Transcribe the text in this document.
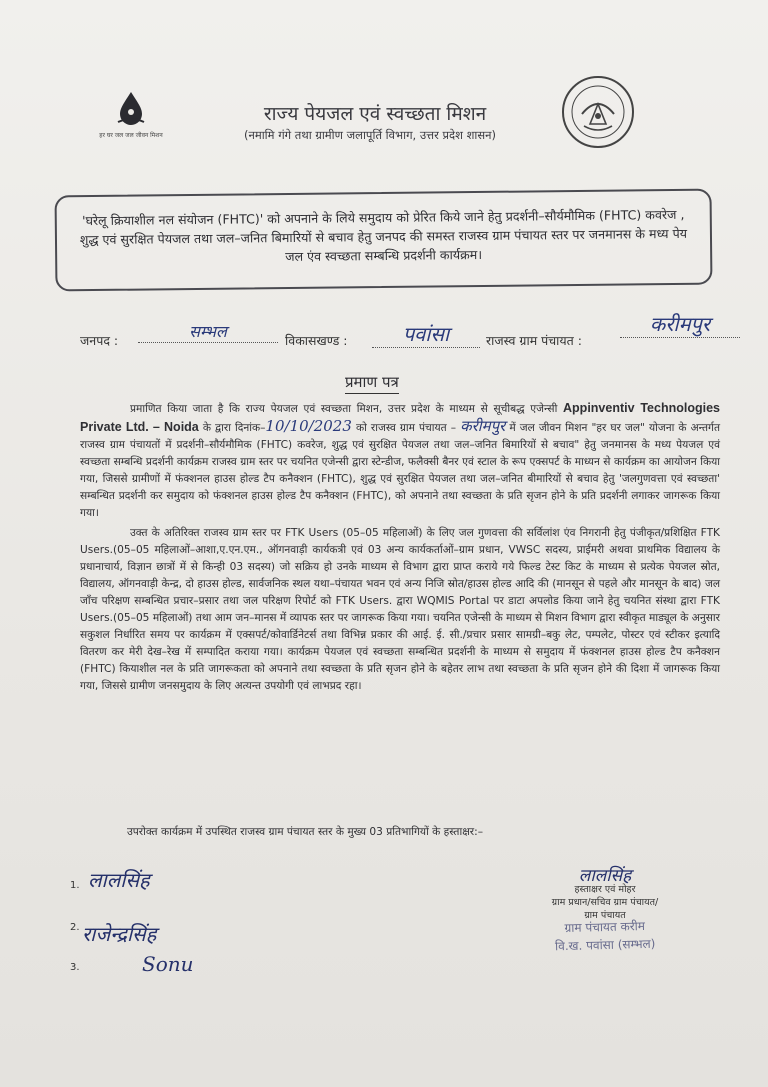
हर घर जल जल जीवन मिशन
राज्य पेयजल एवं स्वच्छता मिशन
(नमामि गंगे तथा ग्रामीण जलापूर्ति विभाग, उत्तर प्रदेश शासन)
'घरेलू क्रियाशील नल संयोजन (FHTC)' को अपनाने के लिये समुदाय को प्रेरित किये जाने हेतु प्रदर्शनी–सौर्यमौमिक (FHTC) कवरेज , शुद्ध एवं सुरक्षित पेयजल तथा जल–जनित बिमारियों से बचाव हेतु जनपद की समस्त राजस्व ग्राम पंचायत स्तर पर जनमानस के मध्य पेय जल एंव स्वच्छता सम्बन्धि प्रदर्शनी कार्यक्रम।
जनपद :	सम्भल	विकासखण्ड :	पवांसा	राजस्व ग्राम पंचायत :
करीमपुर
प्रमाण पत्र

प्रमाणित किया जाता है कि राज्य पेयजल एवं स्वच्छता मिशन, उत्तर प्रदेश के माध्यम से सूचीबद्ध एजेन्सी Appinventiv Technologies Private Ltd. – Noida के द्वारा दिनांक–10/10/2023 को राजस्व ग्राम पंचायत – करीमपुर में जल जीवन मिशन "हर घर जल" योजना के अन्तर्गत राजस्व ग्राम पंचायतों में प्रदर्शनी–सौर्यमौमिक (FHTC) कवरेज, शुद्ध एवं सुरक्षित पेयजल तथा जल–जनित बिमारियों से बचाव" हेतु जनमानस के मध्य पेयजल एवं स्वच्छता सम्बन्धि प्रदर्शनी कार्यक्रम राजस्व ग्राम स्तर पर चयनित एजेन्सी द्वारा स्टेन्डीज, फलैक्सी बैनर एवं स्टाल के रूप एक्सपर्ट के माध्यन से कार्यक्रम का आयोजन किया गया, जिससे ग्रामीणों में फंक्शनल हाउस होल्ड टैप कनैक्शन (FHTC), शुद्ध एवं सुरक्षित पेयजल तथा जल–जनित बीमारियों से बचाव हेतु 'जलगुणवत्ता एवं स्वच्छता' सम्बन्धित प्रदर्शनी कर समुदाय को फंक्शनल हाउस होल्ड टैप कनैक्शन (FHTC), को अपनाने तथा स्वच्छता के प्रति सृजन होने के प्रति प्रदर्शनी लगाकर जागरूक किया गया।

उक्त के अतिरिक्त राजस्व ग्राम स्तर पर FTK Users (05–05 महिलाओं) के लिए जल गुणवत्ता की सर्विलांश एंव निगरानी हेतु पंजीकृत/प्रशिक्षित FTK Users.(05–05 महिलाओं–आशा,ए.एन.एम., ऑगनवाड़ी कार्यकत्री एवं 03 अन्य कार्यकर्ताओं–ग्राम प्रधान, VWSC सदस्य, प्राईमरी अथवा प्राथमिक विद्यालय के प्रधानाचार्य, विज्ञान छात्रों में से किन्ही 03 सदस्य) जो सक्रिय हो उनके माध्यम से विभाग द्वारा प्राप्त कराये गये फिल्ड टेस्ट किट के माध्यम से प्रत्येक पेयजल स्रोत, विद्यालय, ऑगनवाड़ी केन्द्र, दो हाउस होल्ड, सार्वजनिक स्थल यथा–पंचायत भवन एवं अन्य निजि स्रोत/हाउस होल्ड आदि की (मानसून से पहले और मानसून के बाद) जल जाँच परिक्षण सम्बन्धित प्रचार–प्रसार तथा जल परिक्षण रिपोर्ट को FTK Users. द्वारा WQMIS Portal पर डाटा अपलोड किया जाने हेतु चयनित संस्था द्वारा FTK Users.(05–05 महिलाओं) तथा आम जन–मानस में व्यापक स्तर पर जागरूक किया गया। चयनित एजेन्सी के माध्यम से मिशन विभाग द्वारा स्वीकृत माड्यूल के अनुसार सकुशल निर्धारित समय पर कार्यक्रम में एक्सपर्ट/कोवार्डिनेटर्स तथा विभिन्न प्रकार की आई. ई. सी./प्रचार प्रसार सामग्री–बकु लेट, पम्पलेट, पोस्टर एवं स्टीकर इत्यादि वितरण कर मेरी देख–रेख में सम्पादित कराया गया। कार्यक्रम पेयजल एवं स्वच्छता सम्बन्धित प्रदर्शनी के माध्यम से समुदाय में फंक्शनल हाउस होल्ड टैप कनैक्शन (FHTC) कियाशील नल के प्रति जागरूकता को अपनाने तथा स्वच्छता के प्रति सृजन होने के बहेतर लाभ तथा स्वच्छता के प्रति सृजन होने की दिशा में जागरूक किया गया, जिससे ग्रामीण जनसमुदाय के लिए अत्यन्त उपयोगी एवं लाभप्रद रहा।

उपरोक्त कार्यक्रम में उपस्थित राजस्व ग्राम पंचायत स्तर के मुख्य 03 प्रतिभागियों के हस्ताक्षर:–
1. लालसिंह
2. राजेन्द्रसिंह
3.	Sonu
लालसिंह
हस्ताक्षर एवं मोहर
ग्राम प्रधान/सचिव ग्राम पंचायत/
ग्राम पंचायत
ग्राम पंचायत करीम
वि.ख. पवांसा (सम्भल)
